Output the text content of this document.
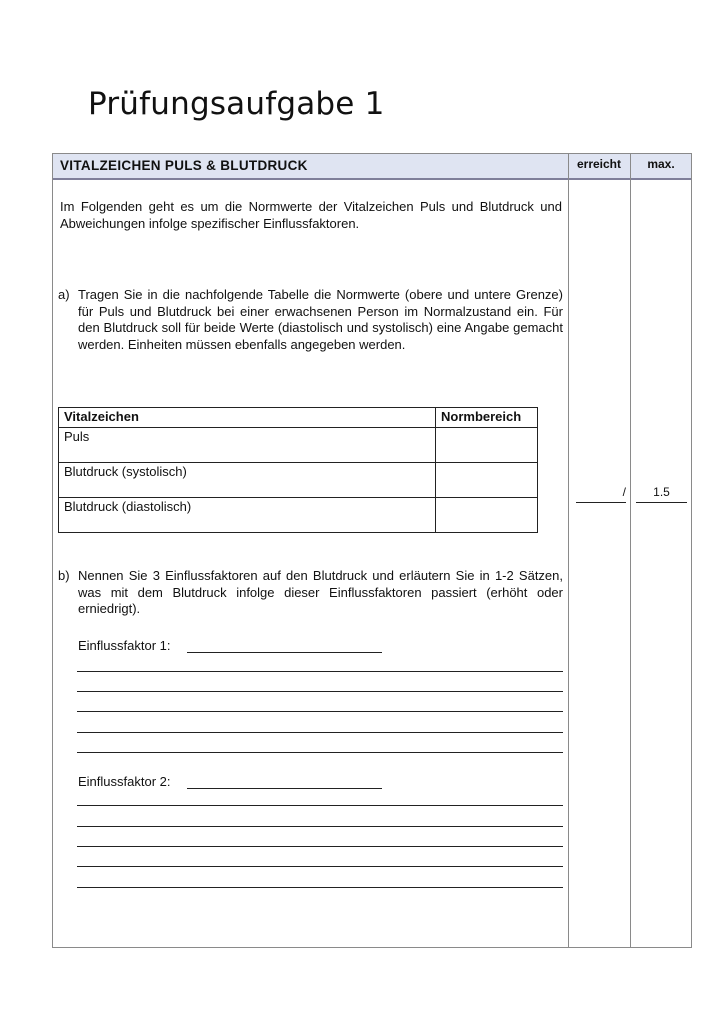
Prüfungsaufgabe 1
VITALZEICHEN PULS & BLUTDRUCK	erreicht	max.
Im Folgenden geht es um die Normwerte der Vitalzeichen Puls und Blutdruck und Abweichungen infolge spezifischer Einflussfaktoren.
a) Tragen Sie in die nachfolgende Tabelle die Normwerte (obere und untere Grenze) für Puls und Blutdruck bei einer erwachsenen Person im Normalzustand ein. Für den Blutdruck soll für beide Werte (diastolisch und systolisch) eine Angabe gemacht werden. Einheiten müssen ebenfalls angegeben werden.
Vitalzeichen	Normbereich
Puls	
Blutdruck (systolisch)	
Blutdruck (diastolisch)	
/	1.5
b) Nennen Sie 3 Einflussfaktoren auf den Blutdruck und erläutern Sie in 1-2 Sätzen, was mit dem Blutdruck infolge dieser Einflussfaktoren passiert (erhöht oder erniedrigt).
Einflussfaktor 1:
Einflussfaktor 2:
